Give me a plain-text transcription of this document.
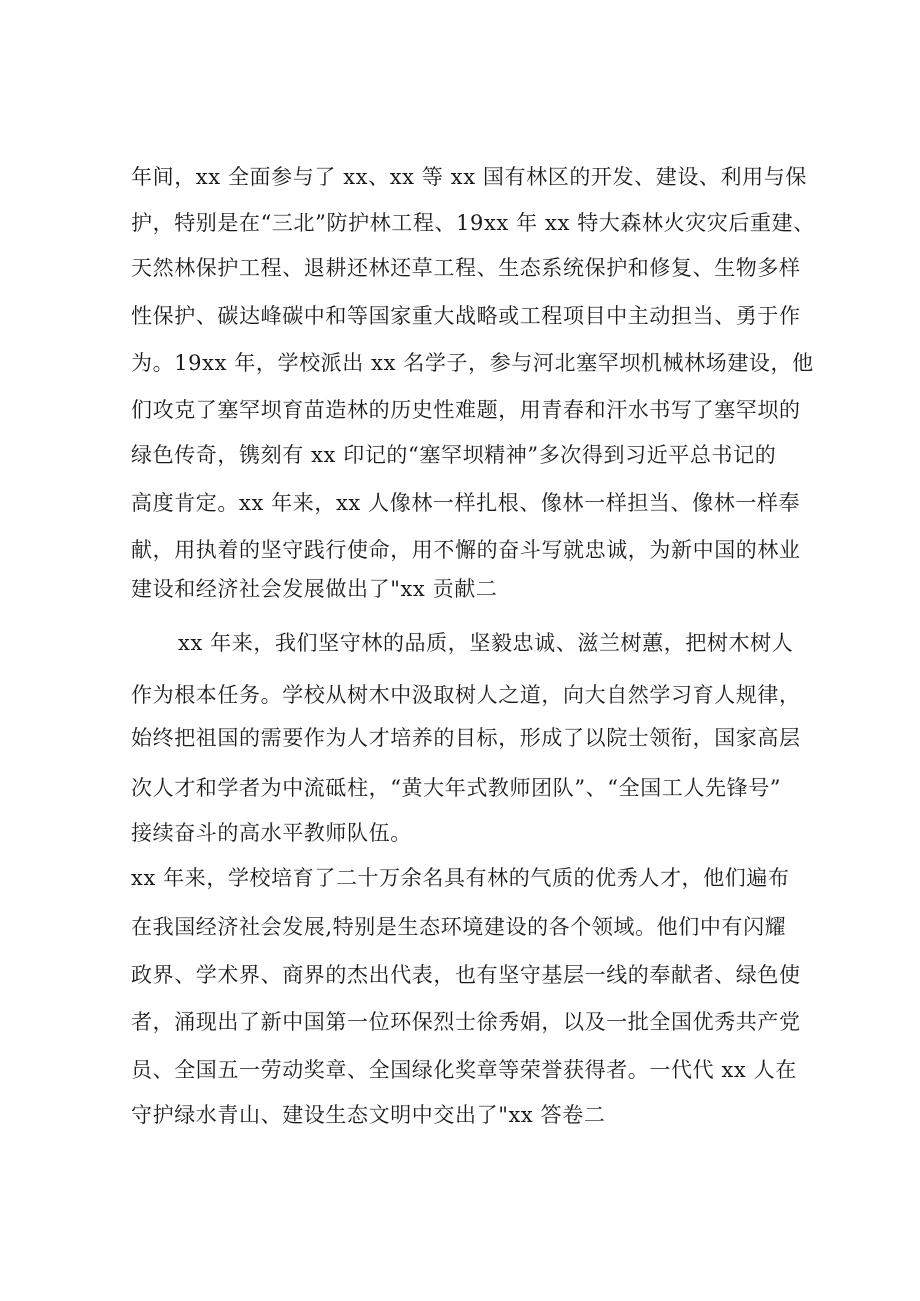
年间，xx 全面参与了 xx、xx 等 xx 国有林区的开发、建设、利用与保
护，特别是在“三北”防护林工程、19xx 年 xx 特大森林火灾灾后重建、
天然林保护工程、退耕还林还草工程、生态系统保护和修复、生物多样
性保护、碳达峰碳中和等国家重大战略或工程项目中主动担当、勇于作
为。19xx 年，学校派出 xx 名学子，参与河北塞罕坝机械林场建设，他
们攻克了塞罕坝育苗造林的历史性难题，用青春和汗水书写了塞罕坝的
绿色传奇，镌刻有 xx 印记的“塞罕坝精神”多次得到习近平总书记的
高度肯定。xx 年来，xx 人像林一样扎根、像林一样担当、像林一样奉
献，用执着的坚守践行使命，用不懈的奋斗写就忠诚，为新中国的林业
建设和经济社会发展做出了"xx 贡献二
xx 年来，我们坚守林的品质，坚毅忠诚、滋兰树蕙，把树木树人
作为根本任务。学校从树木中汲取树人之道，向大自然学习育人规律，
始终把祖国的需要作为人才培养的目标，形成了以院士领衔，国家高层
次人才和学者为中流砥柱，“黄大年式教师团队”、“全国工人先锋号”
接续奋斗的高水平教师队伍。
xx 年来，学校培育了二十万余名具有林的气质的优秀人才，他们遍布
在我国经济社会发展,特别是生态环境建设的各个领域。他们中有闪耀
政界、学术界、商界的杰出代表，也有坚守基层一线的奉献者、绿色使
者，涌现出了新中国第一位环保烈士徐秀娟，以及一批全国优秀共产党
员、全国五一劳动奖章、全国绿化奖章等荣誉获得者。一代代 xx 人在
守护绿水青山、建设生态文明中交出了"xx 答卷二
